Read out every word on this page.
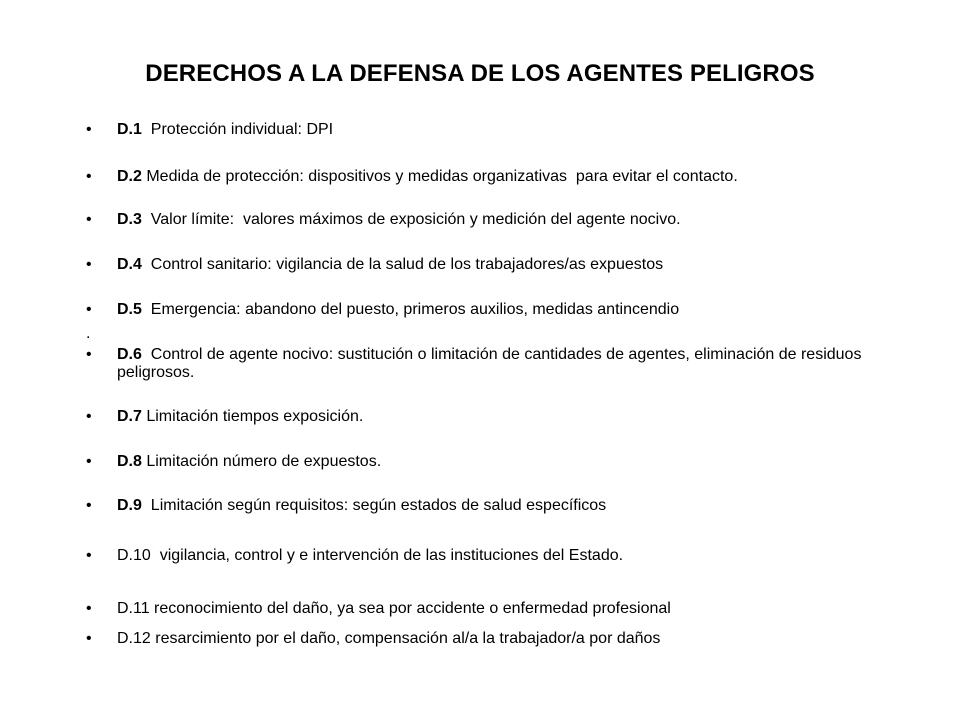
DERECHOS A LA DEFENSA DE LOS AGENTES PELIGROS
• D.1  Protección individual: DPI
• D.2 Medida de protección: dispositivos y medidas organizativas  para evitar el contacto.
• D.3  Valor límite:  valores máximos de exposición y medición del agente nocivo.
• D.4  Control sanitario: vigilancia de la salud de los trabajadores/as expuestos
• D.5  Emergencia: abandono del puesto, primeros auxilios, medidas antincendio
.
• D.6  Control de agente nocivo: sustitución o limitación de cantidades de agentes, eliminación de residuos peligrosos.
• D.7 Limitación tiempos exposición.
• D.8 Limitación número de expuestos.
• D.9  Limitación según requisitos: según estados de salud específicos
• D.10  vigilancia, control y e intervención de las instituciones del Estado.
• D.11 reconocimiento del daño, ya sea por accidente o enfermedad profesional
• D.12 resarcimiento por el daño, compensación al/a la trabajador/a por daños
